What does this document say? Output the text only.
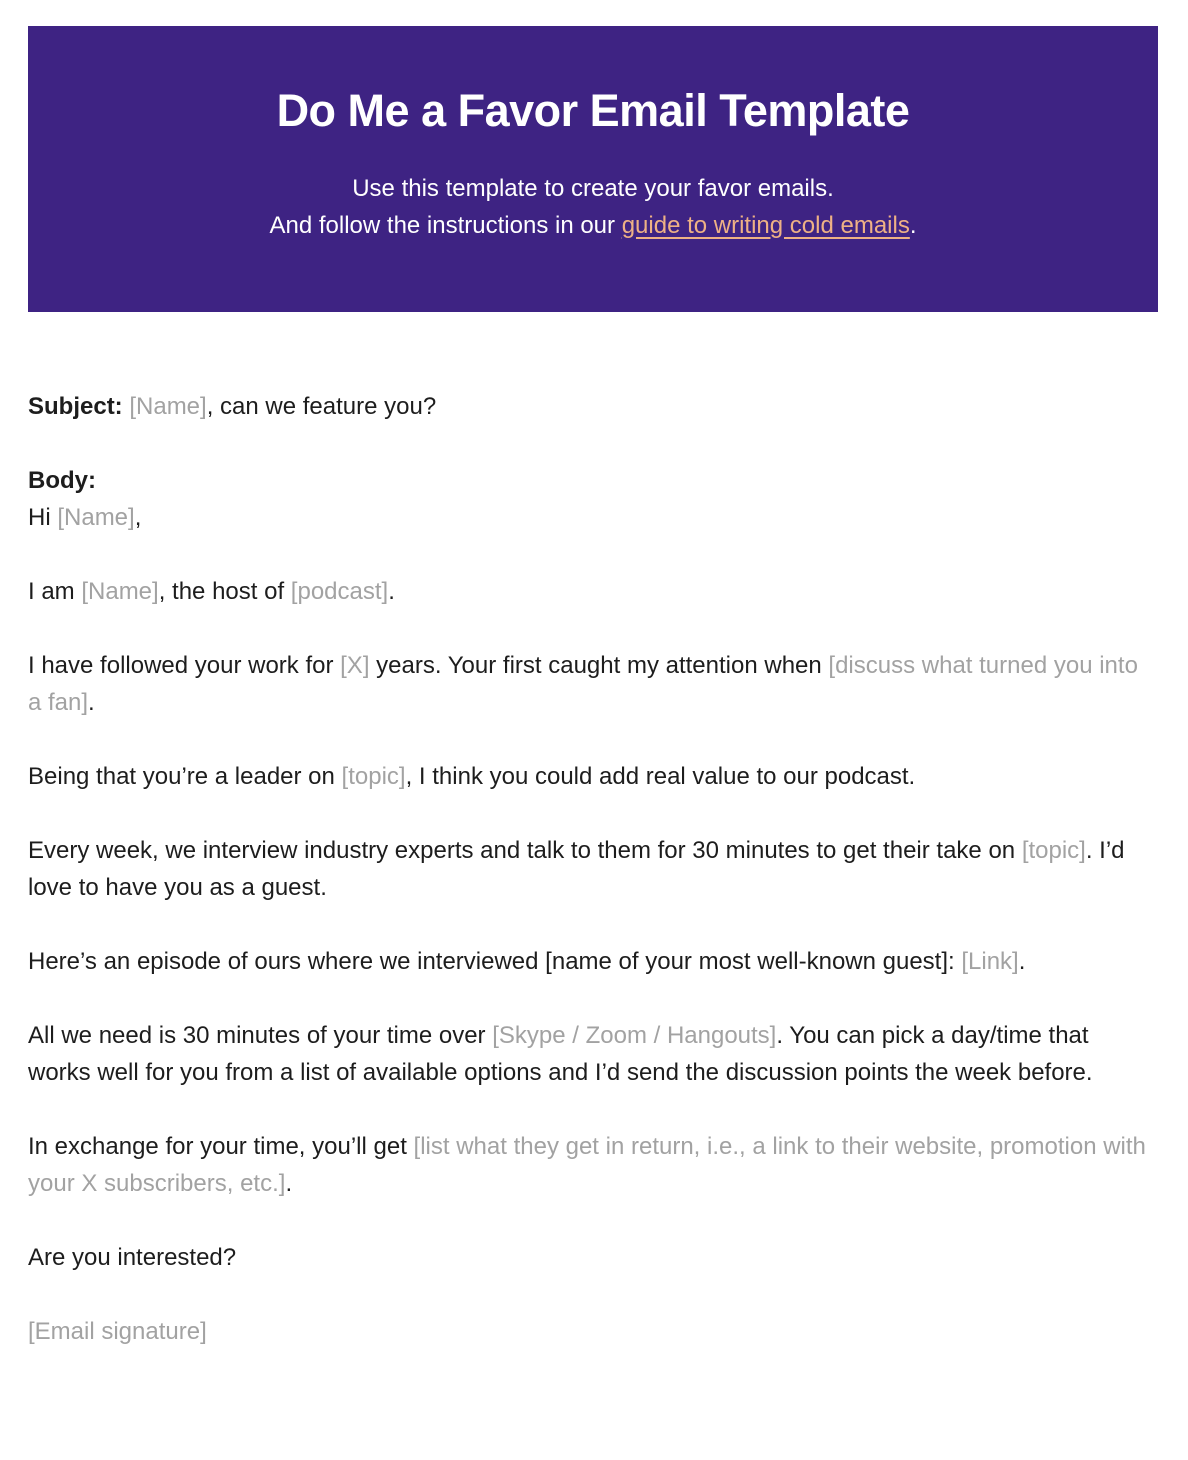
Do Me a Favor Email Template

Use this template to create your favor emails.
And follow the instructions in our guide to writing cold emails.

Subject: [Name], can we feature you?

Body:
Hi [Name],

I am [Name], the host of [podcast].

I have followed your work for [X] years. Your first caught my attention when [discuss what turned you into a fan].

Being that you’re a leader on [topic], I think you could add real value to our podcast.

Every week, we interview industry experts and talk to them for 30 minutes to get their take on [topic]. I’d love to have you as a guest.

Here’s an episode of ours where we interviewed [name of your most well-known guest]: [Link].

All we need is 30 minutes of your time over [Skype / Zoom / Hangouts]. You can pick a day/time that works well for you from a list of available options and I’d send the discussion points the week before.

In exchange for your time, you’ll get [list what they get in return, i.e., a link to their website, promotion with your X subscribers, etc.].

Are you interested?

[Email signature]
